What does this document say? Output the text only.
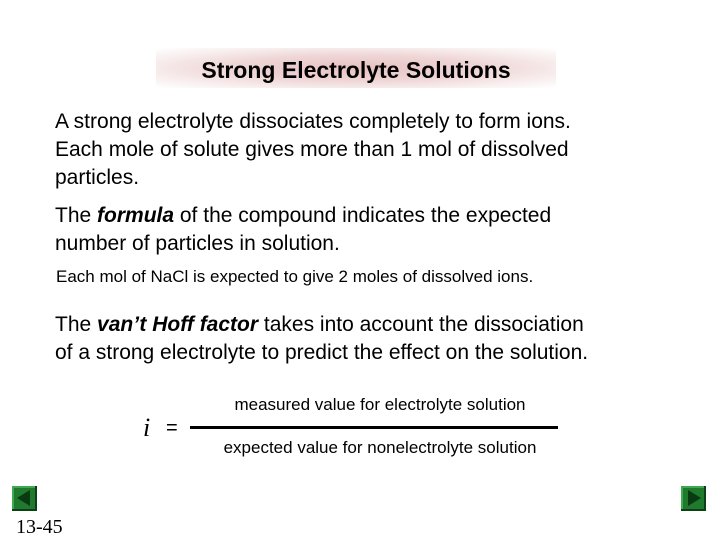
Strong Electrolyte Solutions
A strong electrolyte dissociates completely to form ions.
Each mole of solute gives more than 1 mol of dissolved
particles.
The formula of the compound indicates the expected
number of particles in solution.
Each mol of NaCl is expected to give 2 moles of dissolved ions.
The van’t Hoff factor takes into account the dissociation
of a strong electrolyte to predict the effect on the solution.
i =
measured value for electrolyte solution
expected value for nonelectrolyte solution
13-45
